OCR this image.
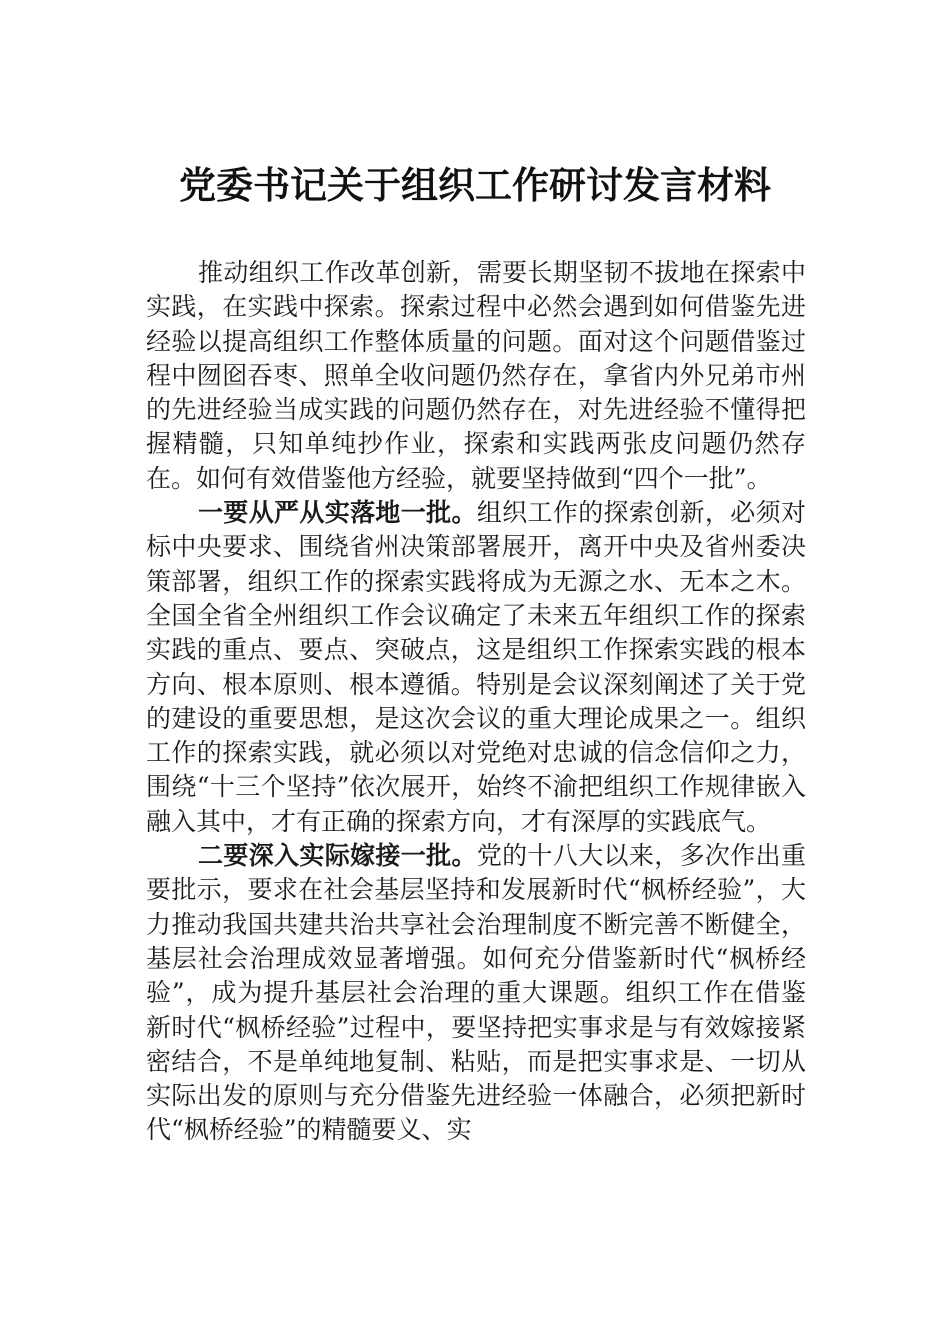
党委书记关于组织工作研讨发言材料

推动组织工作改革创新，需要长期坚韧不拔地在探索中实践，在实践中探索。探索过程中必然会遇到如何借鉴先进经验以提高组织工作整体质量的问题。面对这个问题借鉴过程中囫囵吞枣、照单全收问题仍然存在，拿省内外兄弟市州的先进经验当成实践的问题仍然存在，对先进经验不懂得把握精髓，只知单纯抄作业，探索和实践两张皮问题仍然存在。如何有效借鉴他方经验，就要坚持做到“四个一批”。

一要从严从实落地一批。组织工作的探索创新，必须对标中央要求、围绕省州决策部署展开，离开中央及省州委决策部署，组织工作的探索实践将成为无源之水、无本之木。全国全省全州组织工作会议确定了未来五年组织工作的探索实践的重点、要点、突破点，这是组织工作探索实践的根本方向、根本原则、根本遵循。特别是会议深刻阐述了关于党的建设的重要思想，是这次会议的重大理论成果之一。组织工作的探索实践，就必须以对党绝对忠诚的信念信仰之力，围绕“十三个坚持”依次展开，始终不渝把组织工作规律嵌入融入其中，才有正确的探索方向，才有深厚的实践底气。

二要深入实际嫁接一批。党的十八大以来，多次作出重要批示，要求在社会基层坚持和发展新时代“枫桥经验”，大力推动我国共建共治共享社会治理制度不断完善不断健全，基层社会治理成效显著增强。如何充分借鉴新时代“枫桥经验”，成为提升基层社会治理的重大课题。组织工作在借鉴新时代“枫桥经验”过程中，要坚持把实事求是与有效嫁接紧密结合，不是单纯地复制、粘贴，而是把实事求是、一切从实际出发的原则与充分借鉴先进经验一体融合，必须把新时代“枫桥经验”的精髓要义、实
